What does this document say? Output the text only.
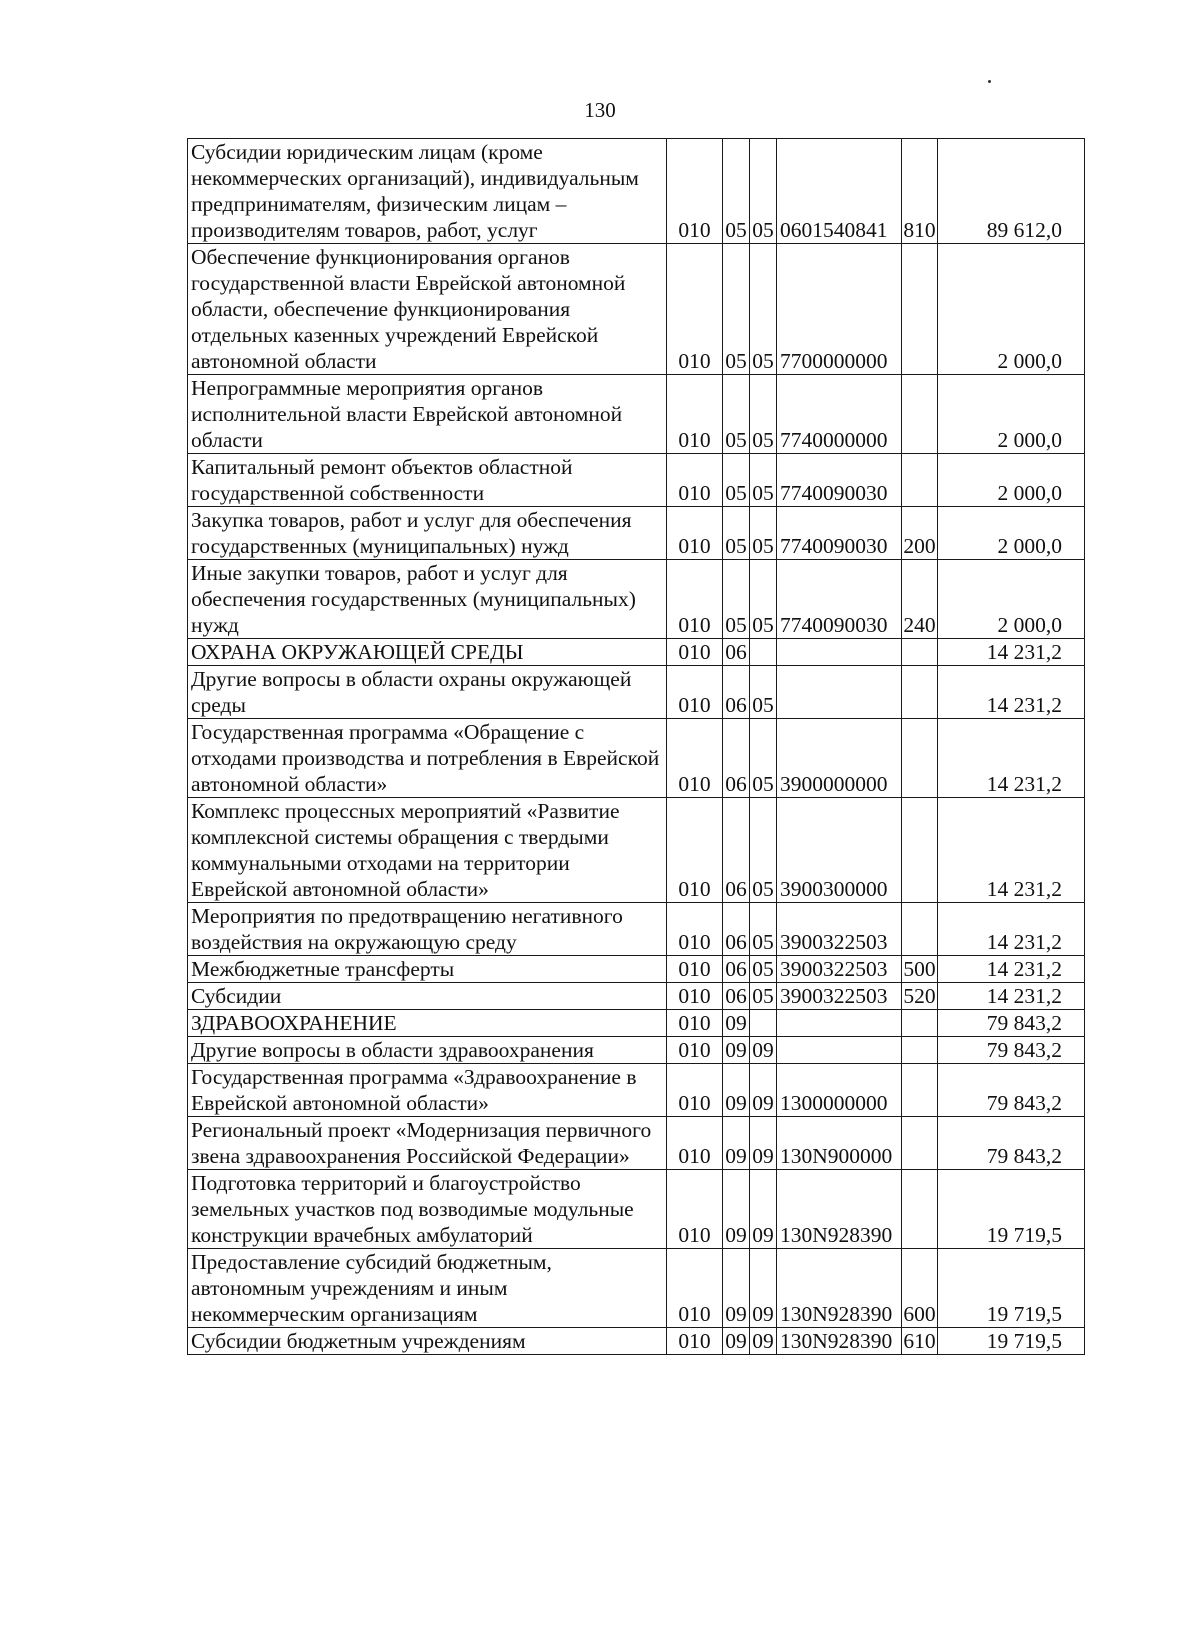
130
Субсидии юридическим лицам (кроме некоммерческих организаций), индивидуальным предпринимателям, физическим лицам – производителям товаров, работ, услуг	010	05	05	0601540841	810	89 612,0
Обеспечение функционирования органов государственной власти Еврейской автономной области, обеспечение функционирования отдельных казенных учреждений Еврейской автономной области	010	05	05	7700000000		2 000,0
Непрограммные мероприятия органов исполнительной власти Еврейской автономной области	010	05	05	7740000000		2 000,0
Капитальный ремонт объектов областной государственной собственности	010	05	05	7740090030		2 000,0
Закупка товаров, работ и услуг для обеспечения государственных (муниципальных) нужд	010	05	05	7740090030	200	2 000,0
Иные закупки товаров, работ и услуг для обеспечения государственных (муниципальных) нужд	010	05	05	7740090030	240	2 000,0
ОХРАНА ОКРУЖАЮЩЕЙ СРЕДЫ	010	06				14 231,2
Другие вопросы в области охраны окружающей среды	010	06	05			14 231,2
Государственная программа «Обращение с отходами производства и потребления в Еврейской автономной области»	010	06	05	3900000000		14 231,2
Комплекс процессных мероприятий «Развитие комплексной системы обращения с твердыми коммунальными отходами на территории Еврейской автономной области»	010	06	05	3900300000		14 231,2
Мероприятия по предотвращению негативного воздействия на окружающую среду	010	06	05	3900322503		14 231,2
Межбюджетные трансферты	010	06	05	3900322503	500	14 231,2
Субсидии	010	06	05	3900322503	520	14 231,2
ЗДРАВООХРАНЕНИЕ	010	09				79 843,2
Другие вопросы в области здравоохранения	010	09	09			79 843,2
Государственная программа «Здравоохранение в Еврейской автономной области»	010	09	09	1300000000		79 843,2
Региональный проект «Модернизация первичного звена здравоохранения Российской Федерации»	010	09	09	130N900000		79 843,2
Подготовка территорий и благоустройство земельных участков под возводимые модульные конструкции врачебных амбулаторий	010	09	09	130N928390		19 719,5
Предоставление субсидий бюджетным, автономным учреждениям и иным некоммерческим организациям	010	09	09	130N928390	600	19 719,5
Субсидии бюджетным учреждениям	010	09	09	130N928390	610	19 719,5
